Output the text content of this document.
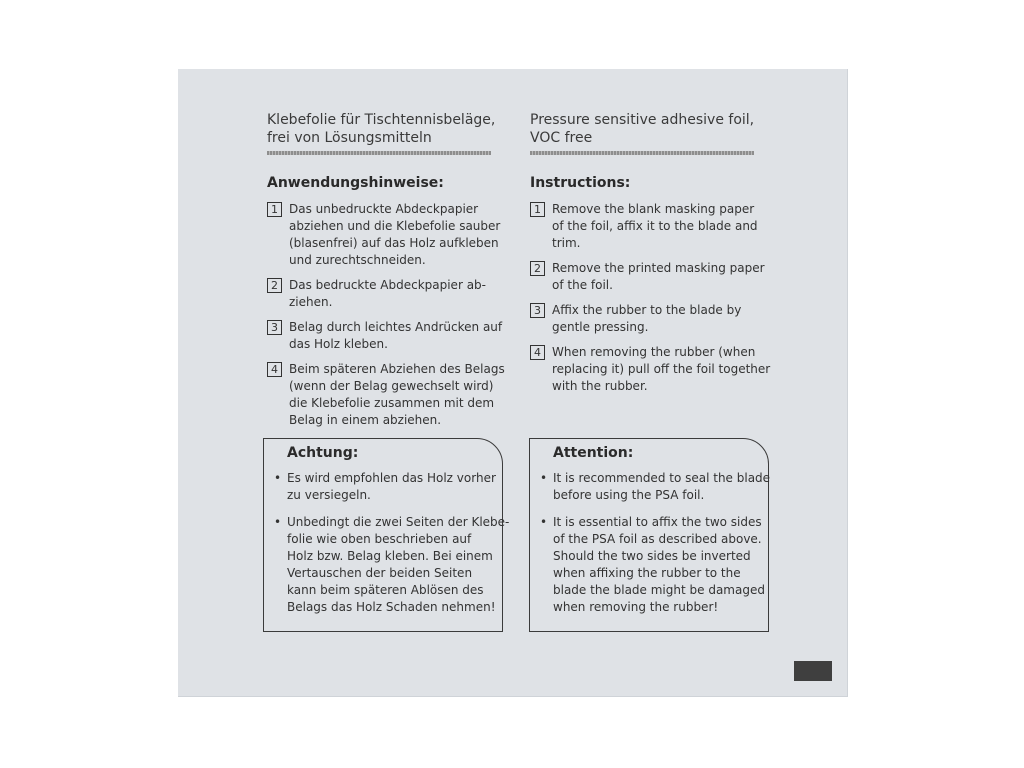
Klebefolie für Tischtennisbeläge,
frei von Lösungsmitteln
Anwendungshinweise:
1 Das unbedruckte Abdeckpapier
abziehen und die Klebefolie sauber
(blasenfrei) auf das Holz aufkleben
und zurechtschneiden.
2 Das bedruckte Abdeckpapier ab-
ziehen.
3 Belag durch leichtes Andrücken auf
das Holz kleben.
4 Beim späteren Abziehen des Belags
(wenn der Belag gewechselt wird)
die Klebefolie zusammen mit dem
Belag in einem abziehen.
Achtung:
• Es wird empfohlen das Holz vorher
zu versiegeln.
• Unbedingt die zwei Seiten der Klebe-
folie wie oben beschrieben auf
Holz bzw. Belag kleben. Bei einem
Vertauschen der beiden Seiten
kann beim späteren Ablösen des
Belags das Holz Schaden nehmen!
Pressure sensitive adhesive foil,
VOC free
Instructions:
1 Remove the blank masking paper
of the foil, affix it to the blade and
trim.
2 Remove the printed masking paper
of the foil.
3 Affix the rubber to the blade by
gentle pressing.
4 When removing the rubber (when
replacing it) pull off the foil together
with the rubber.
Attention:
• It is recommended to seal the blade
before using the PSA foil.
• It is essential to affix the two sides
of the PSA foil as described above.
Should the two sides be inverted
when affixing the rubber to the
blade the blade might be damaged
when removing the rubber!
